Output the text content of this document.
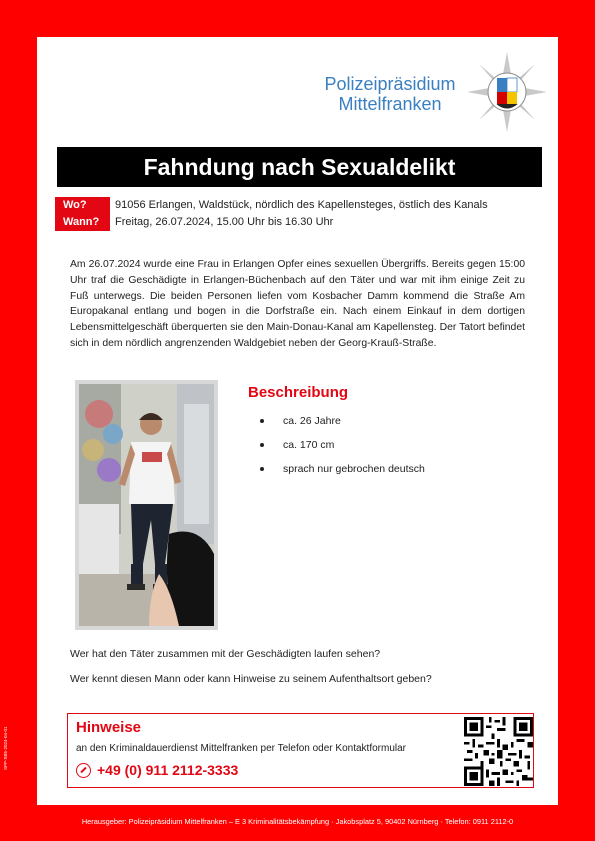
Polizeipräsidium
Mittelfranken
Fahndung nach Sexualdelikt
Wo?	91056 Erlangen, Waldstück, nördlich des Kapellensteges, östlich des Kanals
Wann?	Freitag, 26.07.2024, 15.00 Uhr bis 16.30 Uhr
Am 26.07.2024 wurde eine Frau in Erlangen Opfer eines sexuellen Übergriffs. Bereits gegen 15:00 Uhr traf die Geschädigte in Erlangen-Büchenbach auf den Täter und war mit ihm einige Zeit zu Fuß unterwegs. Die beiden Personen liefen vom Kosbacher Damm kommend die Straße Am Europakanal entlang und bogen in die Dorfstraße ein. Nach einem Einkauf in dem dortigen Lebensmittelgeschäft überquerten sie den Main-Donau-Kanal am Kapellensteg. Der Tatort befindet sich in dem nördlich angrenzenden Waldgebiet neben der Georg-Krauß-Straße.
Beschreibung
ca. 26 Jahre
ca. 170 cm
sprach nur gebrochen deutsch
Wer hat den Täter zusammen mit der Geschädigten laufen sehen?
Wer kennt diesen Mann oder kann Hinweise zu seinem Aufenthaltsort geben?
Hinweise
an den Kriminaldauerdienst Mittelfranken per Telefon oder Kontaktformular
+49 (0) 911 2112-3333
SPP-SB5-2024-04-01
Herausgeber: Polizeipräsidium Mittelfranken – E 3 Kriminalitätsbekämpfung · Jakobsplatz 5, 90402 Nürnberg · Telefon: 0911 2112-0
